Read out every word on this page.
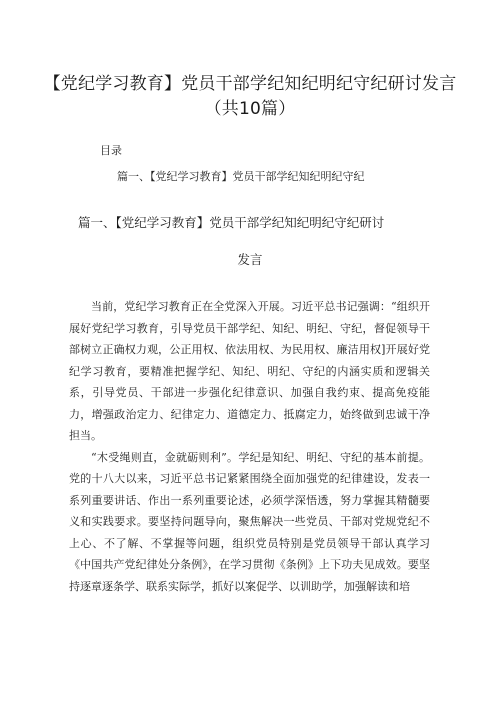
【党纪学习教育】党员干部学纪知纪明纪守纪研讨发言（共10篇）
目录
篇一、【党纪学习教育】党员干部学纪知纪明纪守纪
篇一、【党纪学习教育】党员干部学纪知纪明纪守纪研讨
发言

当前，党纪学习教育正在全党深入开展。习近平总书记强调：“组织开展好党纪学习教育，引导党员干部学纪、知纪、明纪、守纪，督促领导干部树立正确权力观，公正用权、依法用权、为民用权、廉洁用权]开展好党纪学习教育，要精准把握学纪、知纪、明纪、守纪的内涵实质和逻辑关系，引导党员、干部进一步强化纪律意识、加强自我约束、提高免疫能力，增强政治定力、纪律定力、道德定力、抵腐定力，始终做到忠诚干净担当。

“木受绳则直，金就砺则利”。学纪是知纪、明纪、守纪的基本前提。党的十八大以来，习近平总书记紧紧围绕全面加强党的纪律建设，发表一系列重要讲话、作出一系列重要论述，必须学深悟透，努力掌握其精髓要义和实践要求。要坚持问题导向，聚焦解决一些党员、干部对党规党纪不上心、不了解、不掌握等问题，组织党员特别是党员领导干部认真学习《中国共产党纪律处分条例》，在学习贯彻《条例》上下功夫见成效。要坚持逐章逐条学、联系实际学，抓好以案促学、以训助学，加强解读和培
